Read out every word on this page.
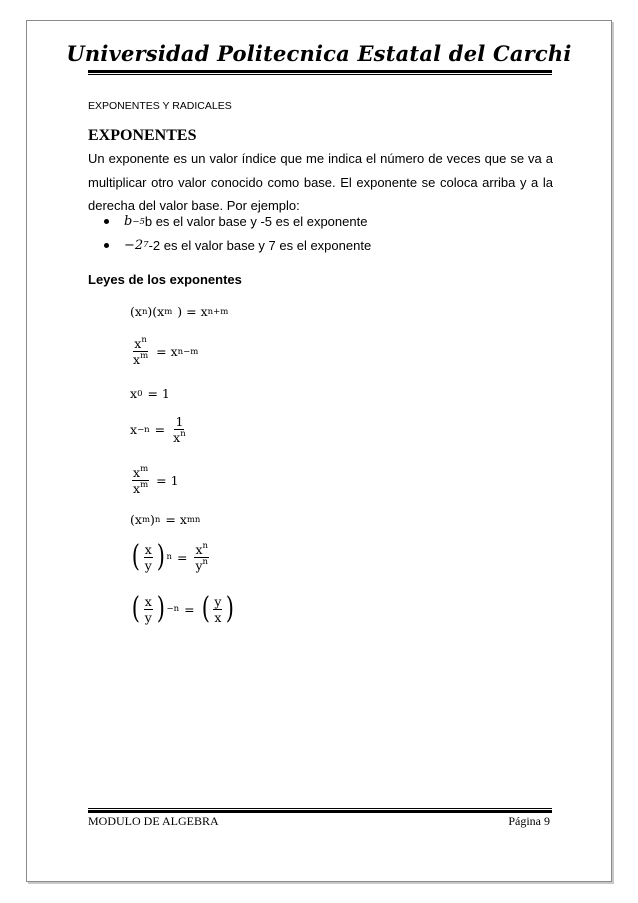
Universidad Politecnica Estatal del Carchi
EXPONENTES Y RADICALES
EXPONENTES
Un exponente es un valor índice que me indica el número de veces que se va a multiplicar otro valor conocido como base. El exponente se coloca arriba y a la derecha del valor base. Por ejemplo:
b −5 b es el valor base y -5 es el exponente
−2 7 -2 es el valor base y 7 es el exponente
Leyes de los exponentes
(x n )(x m ) = x n+m
$\frac{x^n}{x^m} = x$ n−m
x 0 = 1
$x -n = \frac{1}{x^n}$
$\frac{x^m}{x^m} = 1$
(x m ) n = x mn
( $\frac{x}{y}$ ) $n = \frac{x^n}{y^n}$
( $\frac{x}{y}$ ) −n = ( $\frac{y}{x}$ )
MODULO DE ALGEBRA	Página 9
